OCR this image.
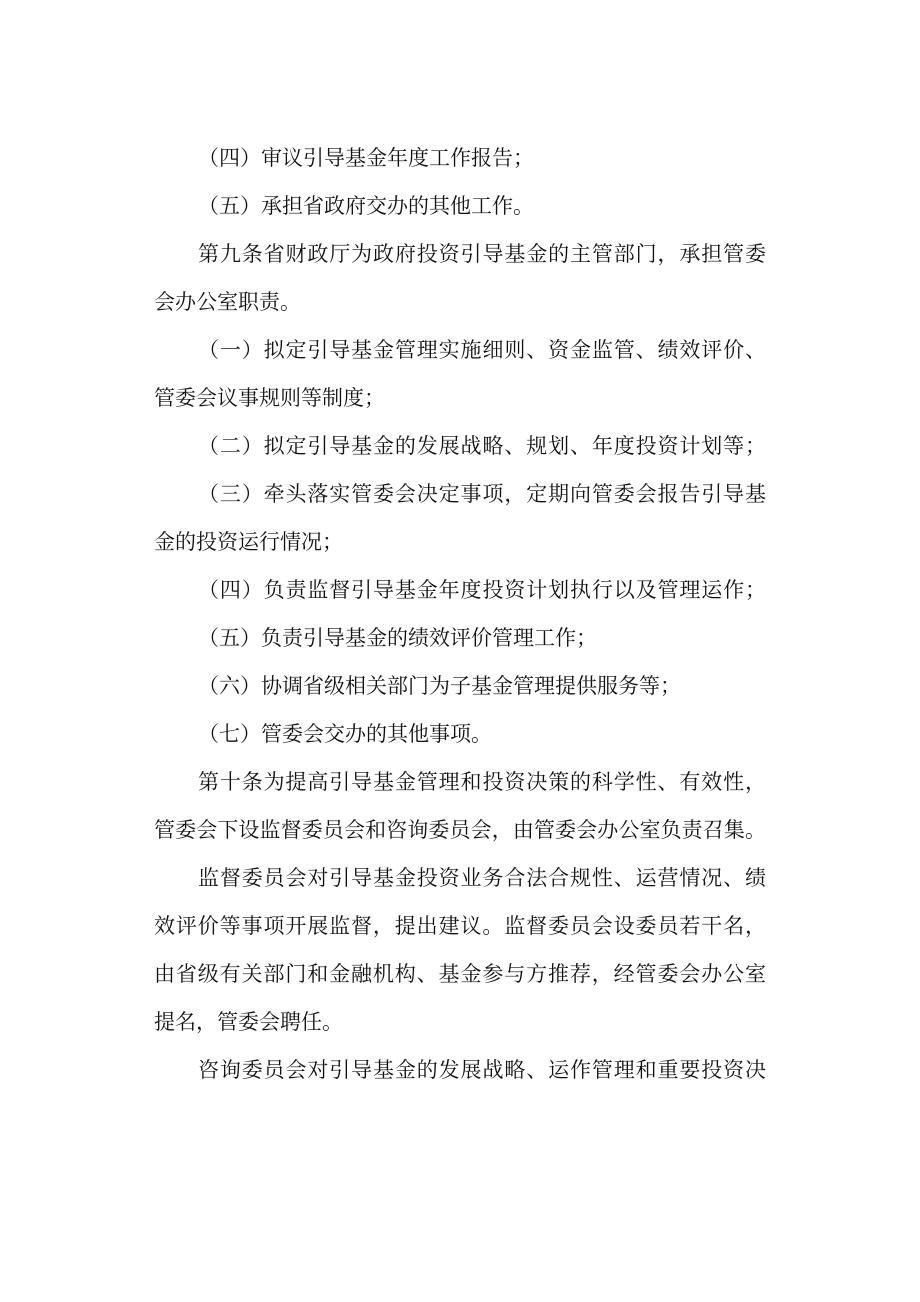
（四）审议引导基金年度工作报告；
（五）承担省政府交办的其他工作。
第九条省财政厅为政府投资引导基金的主管部门，承担管委
会办公室职责。
（一）拟定引导基金管理实施细则、资金监管、绩效评价、
管委会议事规则等制度；
（二）拟定引导基金的发展战略、规划、年度投资计划等；
（三）牵头落实管委会决定事项，定期向管委会报告引导基
金的投资运行情况；
（四）负责监督引导基金年度投资计划执行以及管理运作；
（五）负责引导基金的绩效评价管理工作；
（六）协调省级相关部门为子基金管理提供服务等；
（七）管委会交办的其他事项。
第十条为提高引导基金管理和投资决策的科学性、有效性，
管委会下设监督委员会和咨询委员会，由管委会办公室负责召集。
监督委员会对引导基金投资业务合法合规性、运营情况、绩
效评价等事项开展监督，提出建议。监督委员会设委员若干名，
由省级有关部门和金融机构、基金参与方推荐，经管委会办公室
提名，管委会聘任。
咨询委员会对引导基金的发展战略、运作管理和重要投资决
